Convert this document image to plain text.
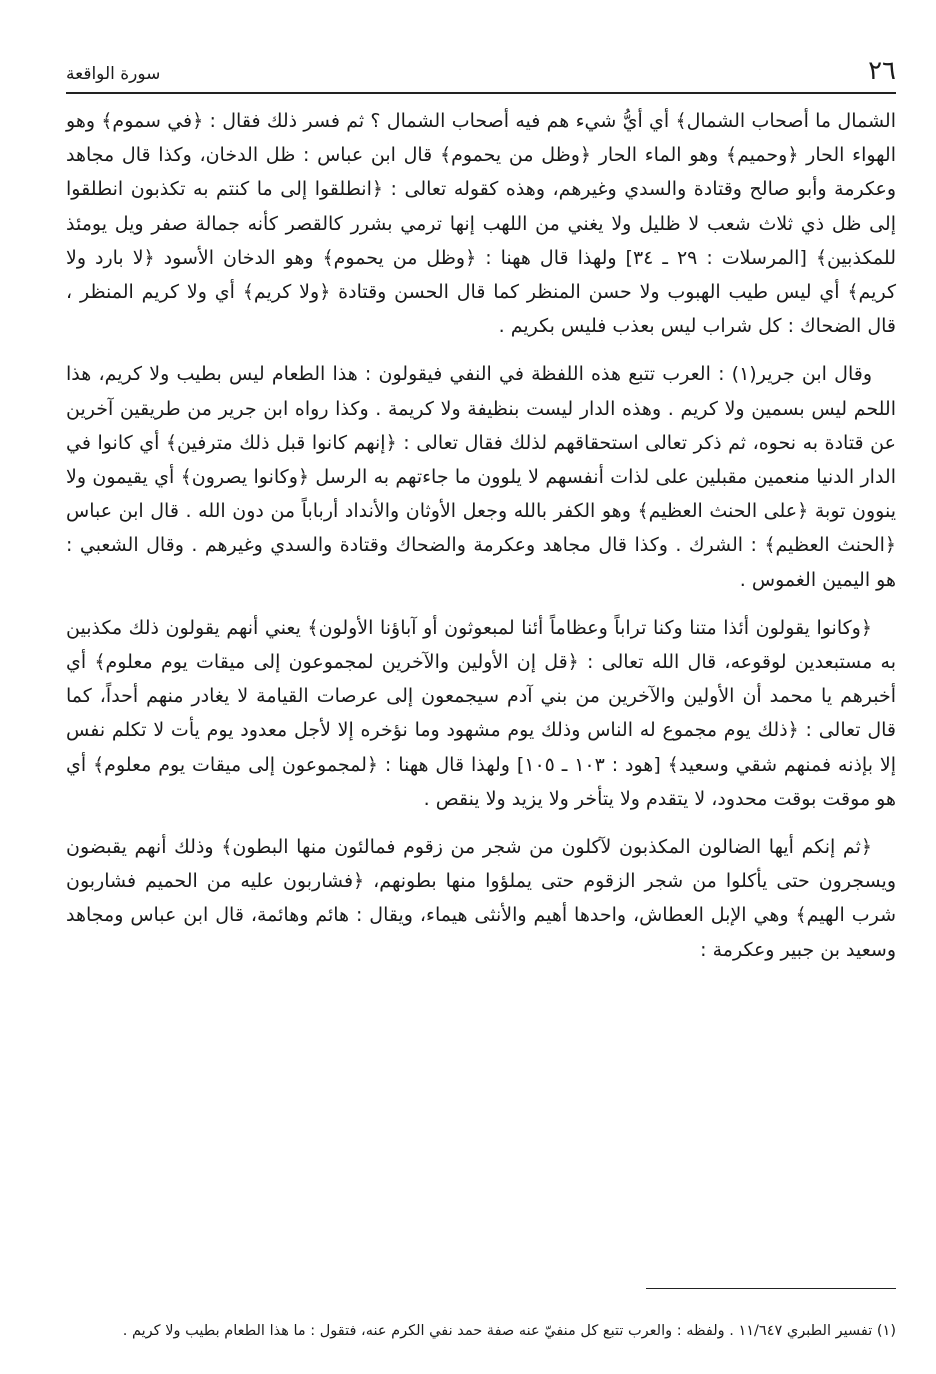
٢٦
سورة الواقعة

الشمال ما أصحاب الشمال﴾ أي أيُّ شيء هم فيه أصحاب الشمال ؟ ثم فسر ذلك فقال : ﴿في سموم﴾ وهو الهواء الحار ﴿وحميم﴾ وهو الماء الحار ﴿وظل من يحموم﴾ قال ابن عباس : ظل الدخان، وكذا قال مجاهد وعكرمة وأبو صالح وقتادة والسدي وغيرهم، وهذه كقوله تعالى : ﴿انطلقوا إلى ما كنتم به تكذبون انطلقوا إلى ظل ذي ثلاث شعب لا ظليل ولا يغني من اللهب إنها ترمي بشرر كالقصر كأنه جمالة صفر ويل يومئذ للمكذبين﴾ [المرسلات : ٢٩ ـ ٣٤] ولهذا قال ههنا : ﴿وظل من يحموم﴾ وهو الدخان الأسود ﴿لا بارد ولا كريم﴾ أي ليس طيب الهبوب ولا حسن المنظر كما قال الحسن وقتادة ﴿ولا كريم﴾ أي ولا كريم المنظر ، قال الضحاك : كل شراب ليس بعذب فليس بكريم .

وقال ابن جرير(١) : العرب تتبع هذه اللفظة في النفي فيقولون : هذا الطعام ليس بطيب ولا كريم، هذا اللحم ليس بسمين ولا كريم . وهذه الدار ليست بنظيفة ولا كريمة . وكذا رواه ابن جرير من طريقين آخرين عن قتادة به نحوه، ثم ذكر تعالى استحقاقهم لذلك فقال تعالى : ﴿إنهم كانوا قبل ذلك مترفين﴾ أي كانوا في الدار الدنيا منعمين مقبلين على لذات أنفسهم لا يلوون ما جاءتهم به الرسل ﴿وكانوا يصرون﴾ أي يقيمون ولا ينوون توبة ﴿على الحنث العظيم﴾ وهو الكفر بالله وجعل الأوثان والأنداد أرباباً من دون الله . قال ابن عباس ﴿الحنث العظيم﴾ : الشرك . وكذا قال مجاهد وعكرمة والضحاك وقتادة والسدي وغيرهم . وقال الشعبي : هو اليمين الغموس .

﴿وكانوا يقولون أئذا متنا وكنا تراباً وعظاماً أئنا لمبعوثون أو آباؤنا الأولون﴾ يعني أنهم يقولون ذلك مكذبين به مستبعدين لوقوعه، قال الله تعالى : ﴿قل إن الأولين والآخرين لمجموعون إلى ميقات يوم معلوم﴾ أي أخبرهم يا محمد أن الأولين والآخرين من بني آدم سيجمعون إلى عرصات القيامة لا يغادر منهم أحداً، كما قال تعالى : ﴿ذلك يوم مجموع له الناس وذلك يوم مشهود وما نؤخره إلا لأجل معدود يوم يأت لا تكلم نفس إلا بإذنه فمنهم شقي وسعيد﴾ [هود : ١٠٣ ـ ١٠٥] ولهذا قال ههنا : ﴿لمجموعون إلى ميقات يوم معلوم﴾ أي هو موقت بوقت محدود، لا يتقدم ولا يتأخر ولا يزيد ولا ينقص .

﴿ثم إنكم أيها الضالون المكذبون لآكلون من شجر من زقوم فمالئون منها البطون﴾ وذلك أنهم يقبضون ويسجرون حتى يأكلوا من شجر الزقوم حتى يملؤوا منها بطونهم، ﴿فشاربون عليه من الحميم فشاربون شرب الهيم﴾ وهي الإبل العطاش، واحدها أهيم والأنثى هيماء، ويقال : هائم وهائمة، قال ابن عباس ومجاهد وسعيد بن جبير وعكرمة :

(١) تفسير الطبري ١١/٦٤٧ . ولفظه : والعرب تتبع كل منفيّ عنه صفة حمد نفي الكرم عنه، فتقول : ما هذا الطعام بطيب ولا كريم .
